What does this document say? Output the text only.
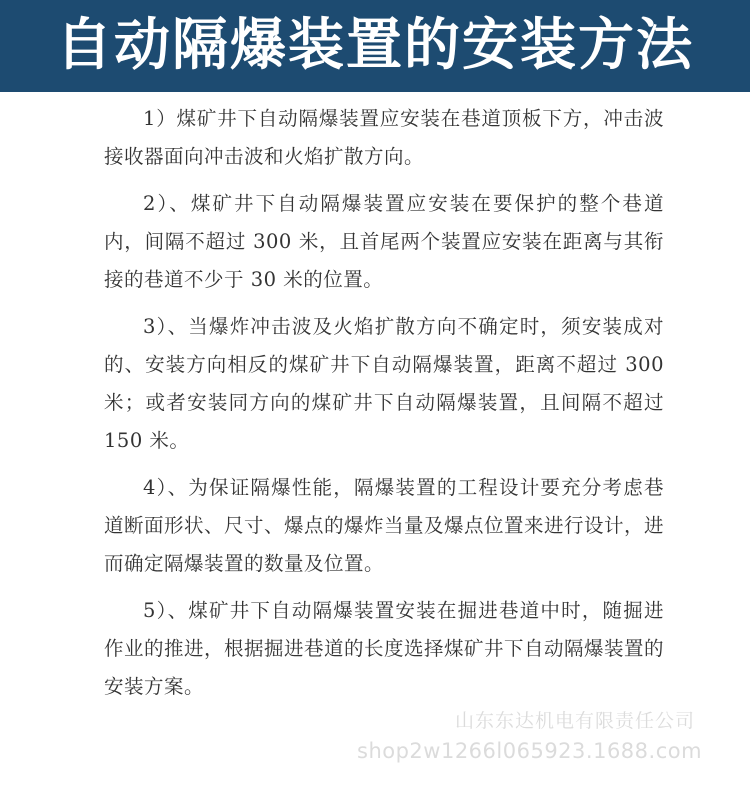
自动隔爆装置的安装方法

1）煤矿井下自动隔爆装置应安装在巷道顶板下方，冲击波接收器面向冲击波和火焰扩散方向。

2）、煤矿井下自动隔爆装置应安装在要保护的整个巷道内，间隔不超过 300 米，且首尾两个装置应安装在距离与其衔接的巷道不少于 30 米的位置。

3）、当爆炸冲击波及火焰扩散方向不确定时，须安装成对的、安装方向相反的煤矿井下自动隔爆装置，距离不超过 300 米；或者安装同方向的煤矿井下自动隔爆装置，且间隔不超过 150 米。

4）、为保证隔爆性能，隔爆装置的工程设计要充分考虑巷道断面形状、尺寸、爆点的爆炸当量及爆点位置来进行设计，进而确定隔爆装置的数量及位置。

5）、煤矿井下自动隔爆装置安装在掘进巷道中时，随掘进作业的推进，根据掘进巷道的长度选择煤矿井下自动隔爆装置的安装方案。

山东东达机电有限责任公司
shop2w1266l065923.1688.com
